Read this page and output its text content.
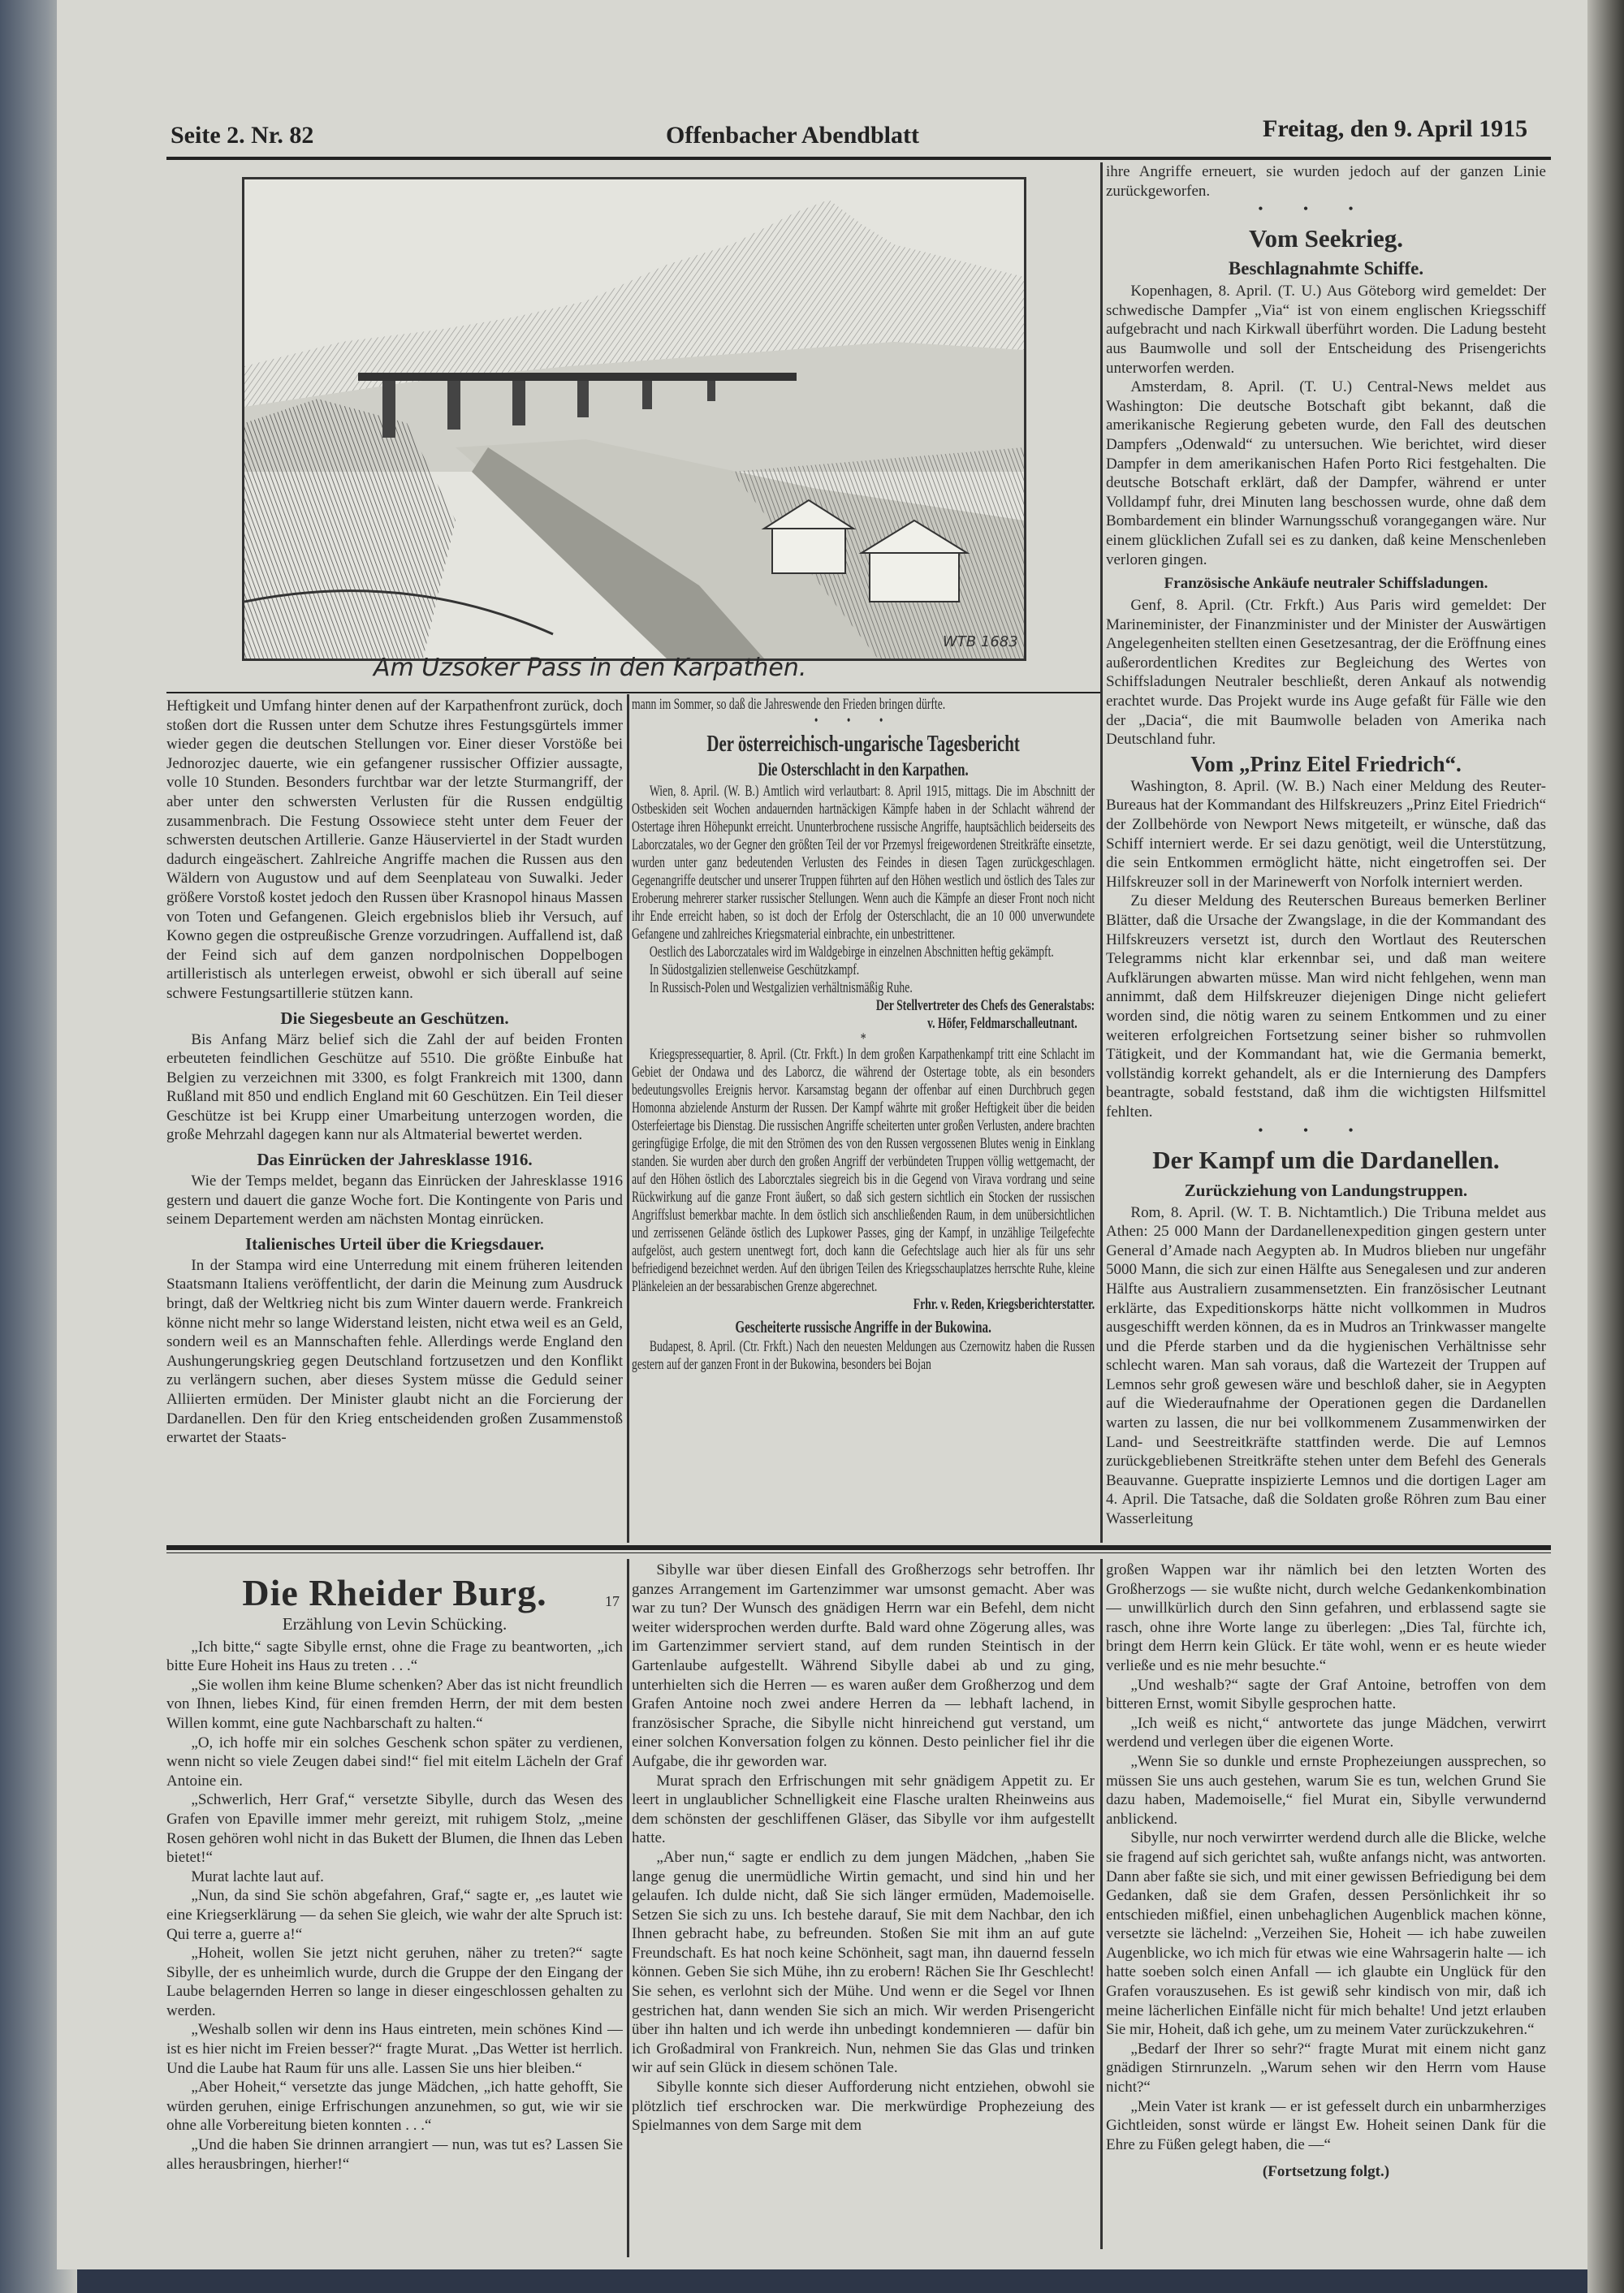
Seite 2. Nr. 82	Offenbacher Abendblatt	Freitag, den 9. April 1915
WTB 1683
Am Uzsoker Pass in den Karpathen.

Heftigkeit und Umfang hinter denen auf der Karpathenfront zurück, doch stoßen dort die Russen unter dem Schutze ihres Festungsgürtels immer wieder gegen die deutschen Stellungen vor. Einer dieser Vorstöße bei Jednorozjec dauerte, wie ein gefangener russischer Offizier aussagte, volle 10 Stunden. Besonders furchtbar war der letzte Sturmangriff, der aber unter den schwersten Verlusten für die Russen endgültig zusammenbrach. Die Festung Ossowiece steht unter dem Feuer der schwersten deutschen Artillerie. Ganze Häuserviertel in der Stadt wurden dadurch eingeäschert. Zahlreiche Angriffe machen die Russen aus den Wäldern von Augustow und auf dem Seenplateau von Suwalki. Jeder größere Vorstoß kostet jedoch den Russen über Krasnopol hinaus Massen von Toten und Gefangenen. Gleich ergebnislos blieb ihr Versuch, auf Kowno gegen die ostpreußische Grenze vorzudringen. Auffallend ist, daß der Feind sich auf dem ganzen nordpolnischen Doppelbogen artilleristisch als unterlegen erweist, obwohl er sich überall auf seine schwere Festungsartillerie stützen kann.

Die Siegesbeute an Geschützen.

Bis Anfang März belief sich die Zahl der auf beiden Fronten erbeuteten feindlichen Geschütze auf 5510. Die größte Einbuße hat Belgien zu verzeichnen mit 3300, es folgt Frankreich mit 1300, dann Rußland mit 850 und endlich England mit 60 Geschützen. Ein Teil dieser Geschütze ist bei Krupp einer Umarbeitung unterzogen worden, die große Mehrzahl dagegen kann nur als Altmaterial bewertet werden.

Das Einrücken der Jahresklasse 1916.

Wie der Temps meldet, begann das Einrücken der Jahresklasse 1916 gestern und dauert die ganze Woche fort. Die Kontingente von Paris und seinem Departement werden am nächsten Montag einrücken.

Italienisches Urteil über die Kriegsdauer.

In der Stampa wird eine Unterredung mit einem früheren leitenden Staatsmann Italiens veröffentlicht, der darin die Meinung zum Ausdruck bringt, daß der Weltkrieg nicht bis zum Winter dauern werde. Frankreich könne nicht mehr so lange Widerstand leisten, nicht etwa weil es an Geld, sondern weil es an Mannschaften fehle. Allerdings werde England den Aushungerungskrieg gegen Deutschland fortzusetzen und den Konflikt zu verlängern suchen, aber dieses System müsse die Geduld seiner Alliierten ermüden. Der Minister glaubt nicht an die Forcierung der Dardanellen. Den für den Krieg entscheidenden großen Zusammenstoß erwartet der Staats-

mann im Sommer, so daß die Jahreswende den Frieden bringen dürfte.

•••
Der österreichisch-ungarische Tagesbericht
Die Osterschlacht in den Karpathen.

Wien, 8. April. (W. B.) Amtlich wird verlautbart: 8. April 1915, mittags. Die im Abschnitt der Ostbeskiden seit Wochen andauernden hartnäckigen Kämpfe haben in der Schlacht während der Ostertage ihren Höhepunkt erreicht. Ununterbrochene russische Angriffe, hauptsächlich beiderseits des Laborczatales, wo der Gegner den größten Teil der vor Przemysl freigewordenen Streitkräfte einsetzte, wurden unter ganz bedeutenden Verlusten des Feindes in diesen Tagen zurückgeschlagen. Gegenangriffe deutscher und unserer Truppen führten auf den Höhen westlich und östlich des Tales zur Eroberung mehrerer starker russischer Stellungen. Wenn auch die Kämpfe an dieser Front noch nicht ihr Ende erreicht haben, so ist doch der Erfolg der Osterschlacht, die an 10 000 unverwundete Gefangene und zahlreiches Kriegsmaterial einbrachte, ein unbestrittener.

Oestlich des Laborczatales wird im Waldgebirge in einzelnen Abschnitten heftig gekämpft.

In Südostgalizien stellenweise Geschützkampf.

In Russisch-Polen und Westgalizien verhältnismäßig Ruhe.

Der Stellvertreter des Chefs des Generalstabs:
v. Höfer, Feldmarschalleutnant.
*

Kriegspressequartier, 8. April. (Ctr. Frkft.) In dem großen Karpathenkampf tritt eine Schlacht im Gebiet der Ondawa und des Laborcz, die während der Ostertage tobte, als ein besonders bedeutungsvolles Ereignis hervor. Karsamstag begann der offenbar auf einen Durchbruch gegen Homonna abzielende Ansturm der Russen. Der Kampf währte mit großer Heftigkeit über die beiden Osterfeiertage bis Dienstag. Die russischen Angriffe scheiterten unter großen Verlusten, andere brachten geringfügige Erfolge, die mit den Strömen des von den Russen vergossenen Blutes wenig in Einklang standen. Sie wurden aber durch den großen Angriff der verbündeten Truppen völlig wettgemacht, der auf den Höhen östlich des Laborcztales siegreich bis in die Gegend von Virava vordrang und seine Rückwirkung auf die ganze Front äußert, so daß sich gestern sichtlich ein Stocken der russischen Angriffslust bemerkbar machte. In dem östlich sich anschließenden Raum, in dem unübersichtlichen und zerrissenen Gelände östlich des Lupkower Passes, ging der Kampf, in unzählige Teilgefechte aufgelöst, auch gestern unentwegt fort, doch kann die Gefechtslage auch hier als für uns sehr befriedigend bezeichnet werden. Auf den übrigen Teilen des Kriegsschauplatzes herrschte Ruhe, kleine Plänkeleien an der bessarabischen Grenze abgerechnet.

Frhr. v. Reden, Kriegsberichterstatter.
Gescheiterte russische Angriffe in der Bukowina.

Budapest, 8. April. (Ctr. Frkft.) Nach den neuesten Meldungen aus Czernowitz haben die Russen gestern auf der ganzen Front in der Bukowina, besonders bei Bojan

ihre Angriffe erneuert, sie wurden jedoch auf der ganzen Linie zurückgeworfen.

•••
Vom Seekrieg.
Beschlagnahmte Schiffe.

Kopenhagen, 8. April. (T. U.) Aus Göteborg wird gemeldet: Der schwedische Dampfer „Via“ ist von einem englischen Kriegsschiff aufgebracht und nach Kirkwall überführt worden. Die Ladung besteht aus Baumwolle und soll der Entscheidung des Prisengerichts unterworfen werden.

Amsterdam, 8. April. (T. U.) Central-News meldet aus Washington: Die deutsche Botschaft gibt bekannt, daß die amerikanische Regierung gebeten wurde, den Fall des deutschen Dampfers „Odenwald“ zu untersuchen. Wie berichtet, wird dieser Dampfer in dem amerikanischen Hafen Porto Rici festgehalten. Die deutsche Botschaft erklärt, daß der Dampfer, während er unter Volldampf fuhr, drei Minuten lang beschossen wurde, ohne daß dem Bombardement ein blinder Warnungsschuß vorangegangen wäre. Nur einem glücklichen Zufall sei es zu danken, daß keine Menschenleben verloren gingen.

Französische Ankäufe neutraler Schiffsladungen.

Genf, 8. April. (Ctr. Frkft.) Aus Paris wird gemeldet: Der Marineminister, der Finanzminister und der Minister der Auswärtigen Angelegenheiten stellten einen Gesetzesantrag, der die Eröffnung eines außerordentlichen Kredites zur Begleichung des Wertes von Schiffsladungen Neutraler beschließt, deren Ankauf als notwendig erachtet wurde. Das Projekt wurde ins Auge gefaßt für Fälle wie den der „Dacia“, die mit Baumwolle beladen von Amerika nach Deutschland fuhr.

Vom „Prinz Eitel Friedrich“.

Washington, 8. April. (W. B.) Nach einer Meldung des Reuter-Bureaus hat der Kommandant des Hilfskreuzers „Prinz Eitel Friedrich“ der Zollbehörde von Newport News mitgeteilt, er wünsche, daß das Schiff interniert werde. Er sei dazu genötigt, weil die Unterstützung, die sein Entkommen ermöglicht hätte, nicht eingetroffen sei. Der Hilfskreuzer soll in der Marinewerft von Norfolk interniert werden.

Zu dieser Meldung des Reuterschen Bureaus bemerken Berliner Blätter, daß die Ursache der Zwangslage, in die der Kommandant des Hilfskreuzers versetzt ist, durch den Wortlaut des Reuterschen Telegramms nicht klar erkennbar sei, und daß man weitere Aufklärungen abwarten müsse. Man wird nicht fehlgehen, wenn man annimmt, daß dem Hilfskreuzer diejenigen Dinge nicht geliefert worden sind, die nötig waren zu seinem Entkommen und zu einer weiteren erfolgreichen Fortsetzung seiner bisher so ruhmvollen Tätigkeit, und der Kommandant hat, wie die Germania bemerkt, vollständig korrekt gehandelt, als er die Internierung des Dampfers beantragte, sobald feststand, daß ihm die wichtigsten Hilfsmittel fehlten.

•••
Der Kampf um die Dardanellen.
Zurückziehung von Landungstruppen.

Rom, 8. April. (W. T. B. Nichtamtlich.) Die Tribuna meldet aus Athen: 25 000 Mann der Dardanellenexpedition gingen gestern unter General d’Amade nach Aegypten ab. In Mudros blieben nur ungefähr 5000 Mann, die sich zur einen Hälfte aus Senegalesen und zur anderen Hälfte aus Australiern zusammensetzten. Ein französischer Leutnant erklärte, das Expeditionskorps hätte nicht vollkommen in Mudros ausgeschifft werden können, da es in Mudros an Trinkwasser mangelte und die Pferde starben und da die hygienischen Verhältnisse sehr schlecht waren. Man sah voraus, daß die Wartezeit der Truppen auf Lemnos sehr groß gewesen wäre und beschloß daher, sie in Aegypten auf die Wiederaufnahme der Operationen gegen die Dardanellen warten zu lassen, die nur bei vollkommenem Zusammenwirken der Land- und Seestreitkräfte stattfinden werde. Die auf Lemnos zurückgebliebenen Streitkräfte stehen unter dem Befehl des Generals Beauvanne. Guepratte inspizierte Lemnos und die dortigen Lager am 4. April. Die Tatsache, daß die Soldaten große Röhren zum Bau einer Wasserleitung

Die Rheider Burg.	17
Erzählung von Levin Schücking.

„Ich bitte,“ sagte Sibylle ernst, ohne die Frage zu beantworten, „ich bitte Eure Hoheit ins Haus zu treten . . .“

„Sie wollen ihm keine Blume schenken? Aber das ist nicht freundlich von Ihnen, liebes Kind, für einen fremden Herrn, der mit dem besten Willen kommt, eine gute Nachbarschaft zu halten.“

„O, ich hoffe mir ein solches Geschenk schon später zu verdienen, wenn nicht so viele Zeugen dabei sind!“ fiel mit eitelm Lächeln der Graf Antoine ein.

„Schwerlich, Herr Graf,“ versetzte Sibylle, durch das Wesen des Grafen von Epaville immer mehr gereizt, mit ruhigem Stolz, „meine Rosen gehören wohl nicht in das Bukett der Blumen, die Ihnen das Leben bietet!“

Murat lachte laut auf.

„Nun, da sind Sie schön abgefahren, Graf,“ sagte er, „es lautet wie eine Kriegserklärung — da sehen Sie gleich, wie wahr der alte Spruch ist: Qui terre a, guerre a!“

„Hoheit, wollen Sie jetzt nicht geruhen, näher zu treten?“ sagte Sibylle, der es unheimlich wurde, durch die Gruppe der den Eingang der Laube belagernden Herren so lange in dieser eingeschlossen gehalten zu werden.

„Weshalb sollen wir denn ins Haus eintreten, mein schönes Kind — ist es hier nicht im Freien besser?“ fragte Murat. „Das Wetter ist herrlich. Und die Laube hat Raum für uns alle. Lassen Sie uns hier bleiben.“

„Aber Hoheit,“ versetzte das junge Mädchen, „ich hatte gehofft, Sie würden geruhen, einige Erfrischungen anzunehmen, so gut, wie wir sie ohne alle Vorbereitung bieten konnten . . .“

„Und die haben Sie drinnen arrangiert — nun, was tut es? Lassen Sie alles herausbringen, hierher!“

Sibylle war über diesen Einfall des Großherzogs sehr betroffen. Ihr ganzes Arrangement im Gartenzimmer war umsonst gemacht. Aber was war zu tun? Der Wunsch des gnädigen Herrn war ein Befehl, dem nicht weiter widersprochen werden durfte. Bald ward ohne Zögerung alles, was im Gartenzimmer serviert stand, auf dem runden Steintisch in der Gartenlaube aufgestellt. Während Sibylle dabei ab und zu ging, unterhielten sich die Herren — es waren außer dem Großherzog und dem Grafen Antoine noch zwei andere Herren da — lebhaft lachend, in französischer Sprache, die Sibylle nicht hinreichend gut verstand, um einer solchen Konversation folgen zu können. Desto peinlicher fiel ihr die Aufgabe, die ihr geworden war.

Murat sprach den Erfrischungen mit sehr gnädigem Appetit zu. Er leert in unglaublicher Schnelligkeit eine Flasche uralten Rheinweins aus dem schönsten der geschliffenen Gläser, das Sibylle vor ihm aufgestellt hatte.

„Aber nun,“ sagte er endlich zu dem jungen Mädchen, „haben Sie lange genug die unermüdliche Wirtin gemacht, und sind hin und her gelaufen. Ich dulde nicht, daß Sie sich länger ermüden, Mademoiselle. Setzen Sie sich zu uns. Ich bestehe darauf, Sie mit dem Nachbar, den ich Ihnen gebracht habe, zu befreunden. Stoßen Sie mit ihm an auf gute Freundschaft. Es hat noch keine Schönheit, sagt man, ihn dauernd fesseln können. Geben Sie sich Mühe, ihn zu erobern! Rächen Sie Ihr Geschlecht! Sie sehen, es verlohnt sich der Mühe. Und wenn er die Segel vor Ihnen gestrichen hat, dann wenden Sie sich an mich. Wir werden Prisengericht über ihn halten und ich werde ihn unbedingt kondemnieren — dafür bin ich Großadmiral von Frankreich. Nun, nehmen Sie das Glas und trinken wir auf sein Glück in diesem schönen Tale.

Sibylle konnte sich dieser Aufforderung nicht entziehen, obwohl sie plötzlich tief erschrocken war. Die merkwürdige Prophezeiung des Spielmannes von dem Sarge mit dem

großen Wappen war ihr nämlich bei den letzten Worten des Großherzogs — sie wußte nicht, durch welche Gedankenkombination — unwillkürlich durch den Sinn gefahren, und erblassend sagte sie rasch, ohne ihre Worte lange zu überlegen: „Dies Tal, fürchte ich, bringt dem Herrn kein Glück. Er täte wohl, wenn er es heute wieder verließe und es nie mehr besuchte.“

„Und weshalb?“ sagte der Graf Antoine, betroffen von dem bitteren Ernst, womit Sibylle gesprochen hatte.

„Ich weiß es nicht,“ antwortete das junge Mädchen, verwirrt werdend und verlegen über die eigenen Worte.

„Wenn Sie so dunkle und ernste Prophezeiungen aussprechen, so müssen Sie uns auch gestehen, warum Sie es tun, welchen Grund Sie dazu haben, Mademoiselle,“ fiel Murat ein, Sibylle verwundernd anblickend.

Sibylle, nur noch verwirrter werdend durch alle die Blicke, welche sie fragend auf sich gerichtet sah, wußte anfangs nicht, was antworten. Dann aber faßte sie sich, und mit einer gewissen Befriedigung bei dem Gedanken, daß sie dem Grafen, dessen Persönlichkeit ihr so entschieden mißfiel, einen unbehaglichen Augenblick machen könne, versetzte sie lächelnd: „Verzeihen Sie, Hoheit — ich habe zuweilen Augenblicke, wo ich mich für etwas wie eine Wahrsagerin halte — ich hatte soeben solch einen Anfall — ich glaubte ein Unglück für den Grafen vorauszusehen. Es ist gewiß sehr kindisch von mir, daß ich meine lächerlichen Einfälle nicht für mich behalte! Und jetzt erlauben Sie mir, Hoheit, daß ich gehe, um zu meinem Vater zurückzukehren.“

„Bedarf der Ihrer so sehr?“ fragte Murat mit einem nicht ganz gnädigen Stirnrunzeln. „Warum sehen wir den Herrn vom Hause nicht?“

„Mein Vater ist krank — er ist gefesselt durch ein unbarmherziges Gichtleiden, sonst würde er längst Ew. Hoheit seinen Dank für die Ehre zu Füßen gelegt haben, die —“

(Fortsetzung folgt.)
